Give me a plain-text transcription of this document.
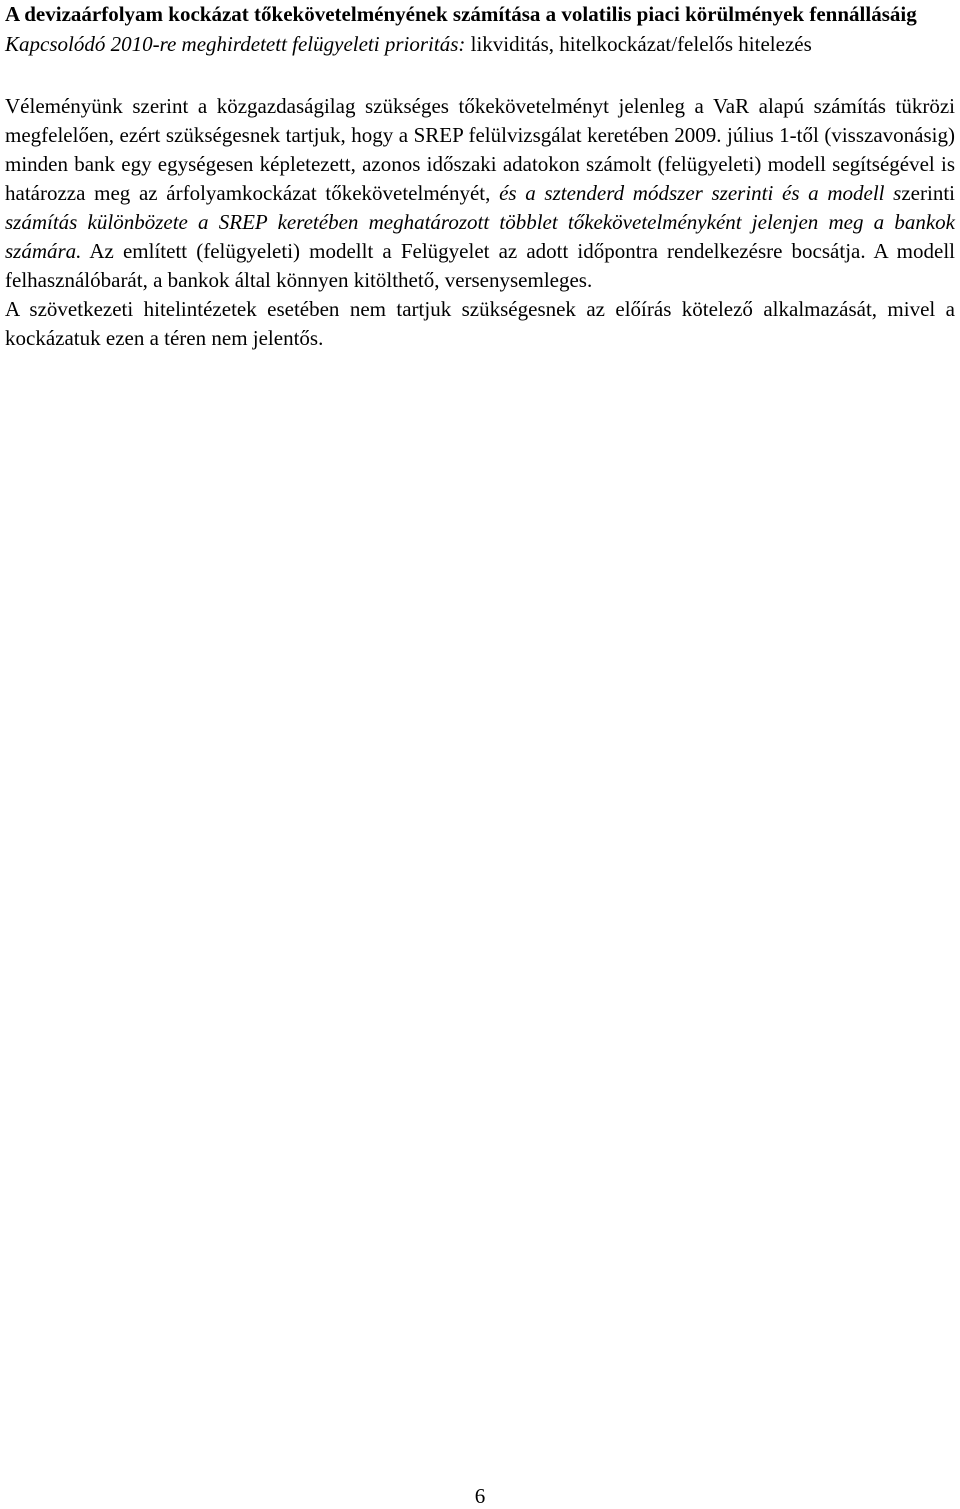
A devizaárfolyam kockázat tőkekövetelményének számítása a volatilis piaci körülmények fennállásáig

Kapcsolódó 2010-re meghirdetett felügyeleti prioritás: likviditás, hitelkockázat/felelős hitelezés

Véleményünk szerint a közgazdaságilag szükséges tőkekövetelményt jelenleg a VaR alapú számítás tükrözi megfelelően, ezért szükségesnek tartjuk, hogy a SREP felülvizsgálat keretében 2009. július 1-től (visszavonásig) minden bank egy egységesen képletezett, azonos időszaki adatokon számolt (felügyeleti) modell segítségével is határozza meg az árfolyamkockázat tőkekövetelményét, és a sztenderd módszer szerinti és a modell szerinti számítás különbözete a SREP keretében meghatározott többlet tőkekövetelményként jelenjen meg a bankok számára. Az említett (felügyeleti) modellt a Felügyelet az adott időpontra rendelkezésre bocsátja. A modell felhasználóbarát, a bankok által könnyen kitölthető, versenysemleges.

A szövetkezeti hitelintézetek esetében nem tartjuk szükségesnek az előírás kötelező alkalmazását, mivel a kockázatuk ezen a téren nem jelentős.

6
